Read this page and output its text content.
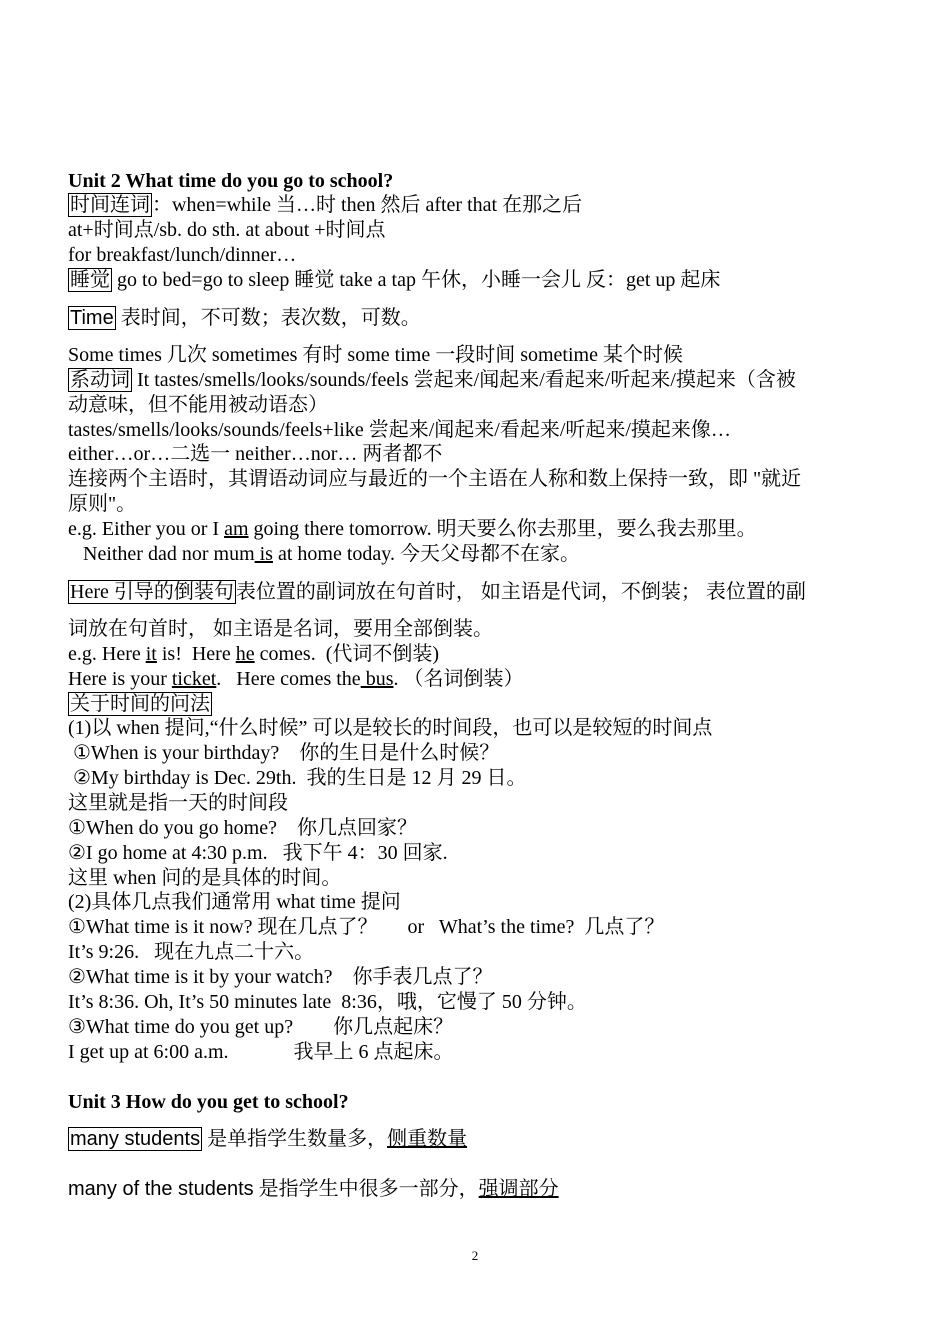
Unit 2 What time do you go to school?
时间连词 ：when=while 当…时 then 然后 after that 在那之后
at+时间点/sb. do sth. at about +时间点
for breakfast/lunch/dinner…
睡觉 go to bed=go to sleep 睡觉 take a tap 午休，小睡一会儿 反：get up 起床
Time 表时间，不可数；表次数，可数。
Some times 几次 sometimes 有时 some time 一段时间 sometime 某个时候
系动词 It tastes/smells/looks/sounds/feels 尝起来/闻起来/看起来/听起来/摸起来（含被
动意味，但不能用被动语态）
tastes/smells/looks/sounds/feels+like 尝起来/闻起来/看起来/听起来/摸起来像…
either…or…二选一 neither…nor… 两者都不
连接两个主语时，其谓语动词应与最近的一个主语在人称和数上保持一致，即 "就近
原则"。
e.g. Either you or I am going there tomorrow. 明天要么你去那里，要么我去那里。
Neither dad nor mum is at home today. 今天父母都不在家。
Here 引导的倒装句 表位置的副词放在句首时， 如主语是代词，不倒装； 表位置的副
词放在句首时， 如主语是名词，要用全部倒装。
e.g. Here it is!  Here he comes.  (代词不倒装)
Here is your ticket.   Here comes the bus. （名词倒装）
关于时间的问法
(1)以 when 提问,“什么时候” 可以是较长的时间段，也可以是较短的时间点
①When is your birthday?    你的生日是什么时候？
②My birthday is Dec. 29th.  我的生日是 12 月 29 日。
这里就是指一天的时间段
①When do you go home?    你几点回家？
②I go home at 4:30 p.m.   我下午 4：30 回家.
这里 when 问的是具体的时间。
(2)具体几点我们通常用 what time 提问
①What time is it now? 现在几点了？      or   What’s the time?  几点了？
It’s 9:26.   现在九点二十六。
②What time is it by your watch?    你手表几点了？
It’s 8:36. Oh, It’s 50 minutes late  8:36，哦，它慢了 50 分钟。
③What time do you get up?        你几点起床？
I get up at 6:00 a.m.             我早上 6 点起床。
Unit 3 How do you get to school?
many students 是单指学生数量多，侧重数量
many of the students 是指学生中很多一部分，强调部分
2
